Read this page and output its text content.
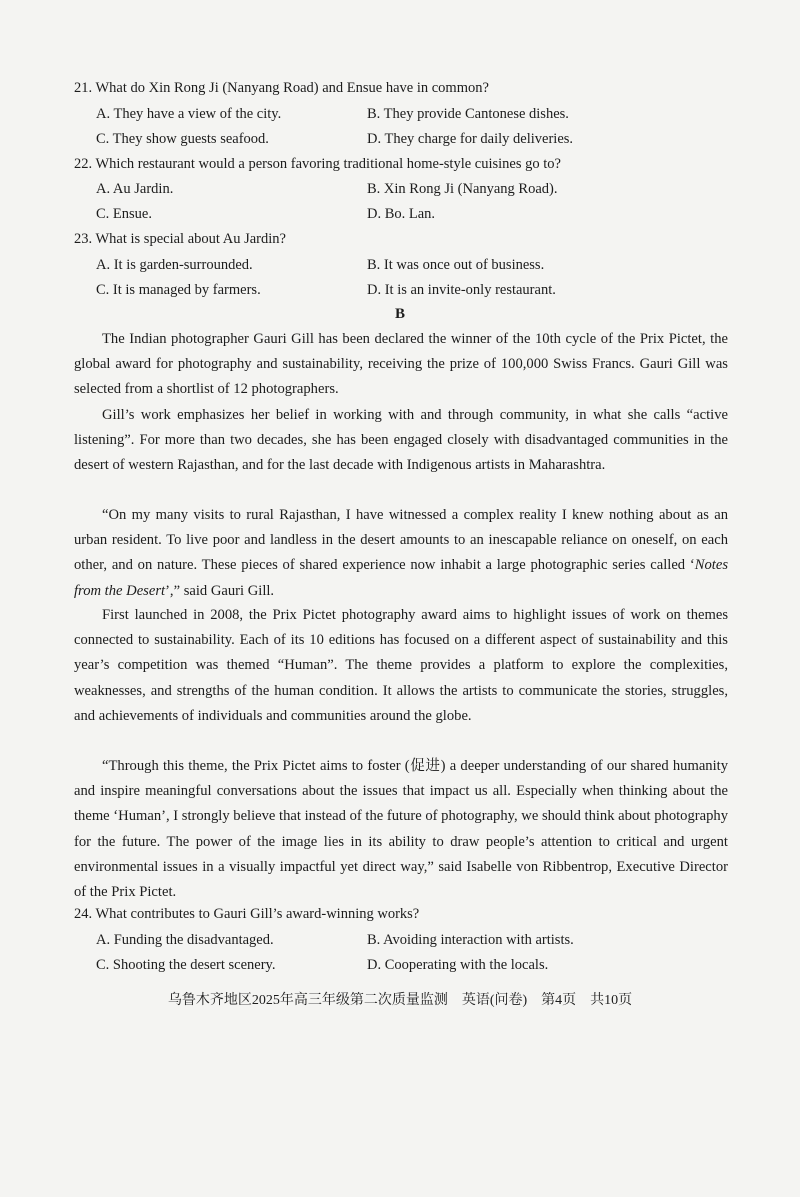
21. What do Xin Rong Ji (Nanyang Road) and Ensue have in common?
A. They have a view of the city.	B. They provide Cantonese dishes.
C. They show guests seafood.	D. They charge for daily deliveries.
22. Which restaurant would a person favoring traditional home-style cuisines go to?
A. Au Jardin.	B. Xin Rong Ji (Nanyang Road).
C. Ensue.	D. Bo. Lan.
23. What is special about Au Jardin?
A. It is garden-surrounded.	B. It was once out of business.
C. It is managed by farmers.	D. It is an invite-only restaurant.
B

The Indian photographer Gauri Gill has been declared the winner of the 10th cycle of the Prix Pictet, the global award for photography and sustainability, receiving the prize of 100,000 Swiss Francs. Gauri Gill was selected from a shortlist of 12 photographers.

Gill’s work emphasizes her belief in working with and through community, in what she calls “active listening”. For more than two decades, she has been engaged closely with disadvantaged communities in the desert of western Rajasthan, and for the last decade with Indigenous artists in Maharashtra.

“On my many visits to rural Rajasthan, I have witnessed a complex reality I knew nothing about as an urban resident. To live poor and landless in the desert amounts to an inescapable reliance on oneself, on each other, and on nature. These pieces of shared experience now inhabit a large photographic series called ‘Notes from the Desert’,” said Gauri Gill.

First launched in 2008, the Prix Pictet photography award aims to highlight issues of work on themes connected to sustainability. Each of its 10 editions has focused on a different aspect of sustainability and this year’s competition was themed “Human”. The theme provides a platform to explore the complexities, weaknesses, and strengths of the human condition. It allows the artists to communicate the stories, struggles, and achievements of individuals and communities around the globe.

“Through this theme, the Prix Pictet aims to foster (促进) a deeper understanding of our shared humanity and inspire meaningful conversations about the issues that impact us all. Especially when thinking about the theme ‘Human’, I strongly believe that instead of the future of photography, we should think about photography for the future. The power of the image lies in its ability to draw people’s attention to critical and urgent environmental issues in a visually impactful yet direct way,” said Isabelle von Ribbentrop, Executive Director of the Prix Pictet.

24. What contributes to Gauri Gill’s award-winning works?
A. Funding the disadvantaged.	B. Avoiding interaction with artists.
C. Shooting the desert scenery.	D. Cooperating with the locals.
乌鲁木齐地区2025年高三年级第二次质量监测　英语(问卷)　第4页　共10页
